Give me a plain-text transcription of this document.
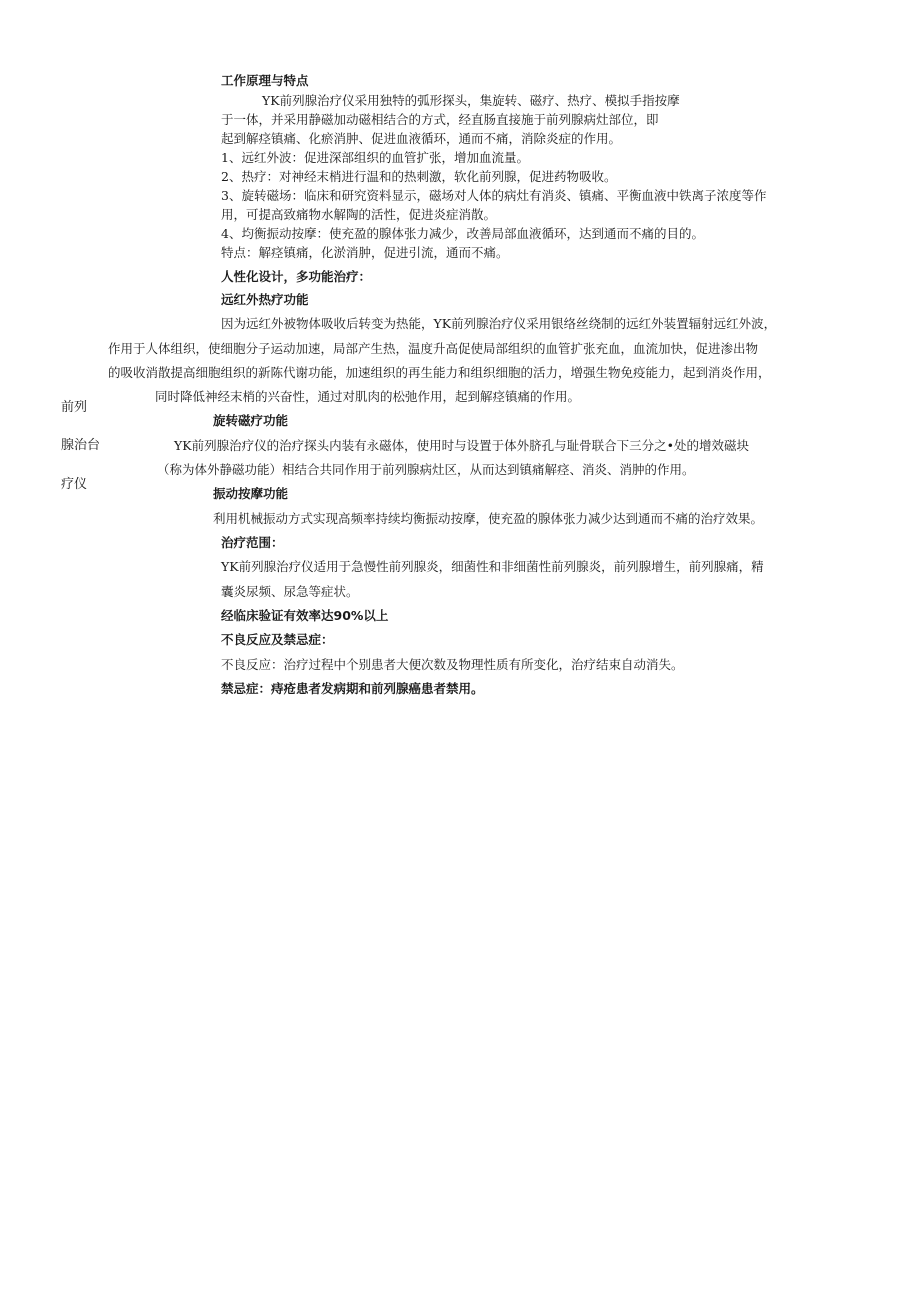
前列
腺治台
疗仪
工作原理与特点
YK前列腺治疗仪采用独特的弧形探头，集旋转、磁疗、热疗、模拟手指按摩
于一体，并采用静磁加动磁相结合的方式，经直肠直接施于前列腺病灶部位，即
起到解痉镇痛、化瘀消肿、促进血液循环，通而不痛，消除炎症的作用。
1、远红外波：促进深部组织的血管扩张，增加血流量。
2、热疗：对神经末梢进行温和的热刺激，软化前列腺，促进药物吸收。
3、旋转磁场：临床和研究资料显示，磁场对人体的病灶有消炎、镇痛、平衡血液中铁离子浓度等作
用，可提高致痛物水解陶的活性，促进炎症消散。
4、均衡振动按摩：使充盈的腺体张力减少，改善局部血液循环，达到通而不痛的目的。
特点：解痉镇痛，化淤消肿，促进引流，通而不痛。
人性化设计，多功能治疗：
远红外热疗功能
因为远红外被物体吸收后转变为热能，YK前列腺治疗仪采用银络丝绕制的远红外装置辐射远红外波，
作用于人体组织，使细胞分子运动加速，局部产生热，温度升高促使局部组织的血管扩张充血，血流加快，促进渗出物
的吸收消散提高细胞组织的新陈代谢功能，加速组织的再生能力和组织细胞的活力，增强生物免疫能力，起到消炎作用，
同时降低神经末梢的兴奋性，通过对肌肉的松弛作用，起到解痉镇痛的作用。
旋转磁疗功能
YK前列腺治疗仪的治疗探头内装有永磁体，使用时与设置于体外脐孔与耻骨联合下三分之•处的增效磁块
（称为体外静磁功能）相结合共同作用于前列腺病灶区，从而达到镇痛解痉、消炎、消肿的作用。
振动按摩功能
利用机械振动方式实现高频率持续均衡振动按摩，使充盈的腺体张力减少达到通而不痛的治疗效果。
治疗范围：
YK前列腺治疗仪适用于急慢性前列腺炎，细菌性和非细菌性前列腺炎，前列腺增生，前列腺痛，精
囊炎尿频、尿急等症状。
经临床验证有效率达90%以上
不良反应及禁忌症：
不良反应：治疗过程中个别患者大便次数及物理性质有所变化，治疗结束自动消失。
禁忌症：痔疮患者发病期和前列腺癌患者禁用。
